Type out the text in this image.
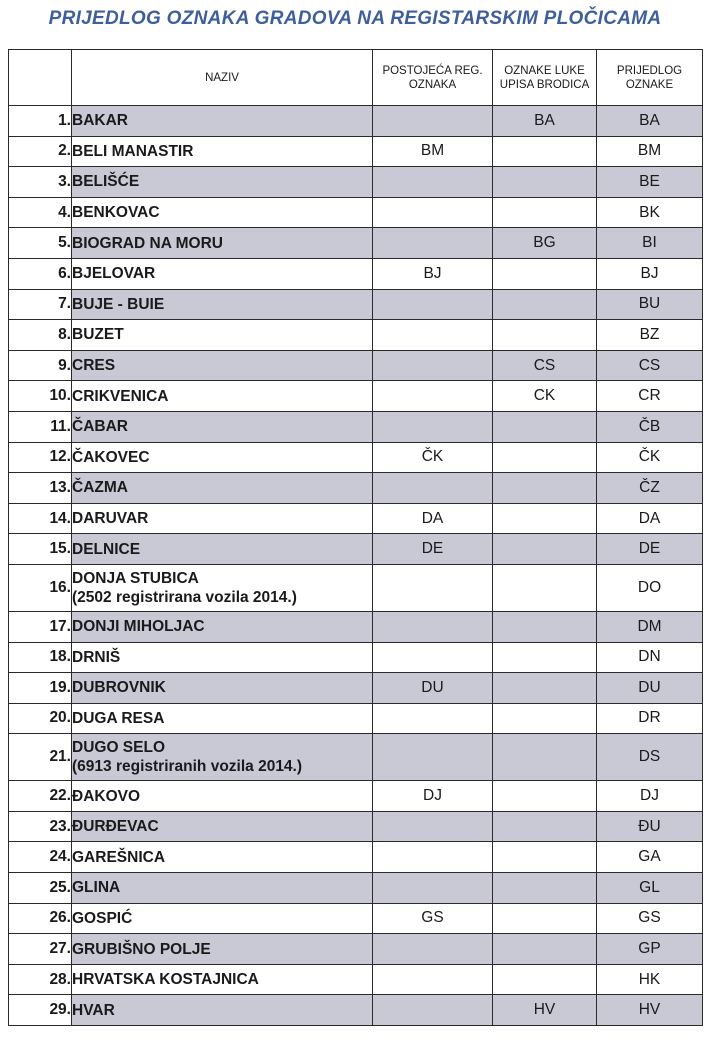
PRIJEDLOG OZNAKA GRADOVA NA REGISTARSKIM PLOČICAMA
	NAZIV	POSTOJEĆA REG. OZNAKA	OZNAKE LUKE UPISA BRODICA	PRIJEDLOG OZNAKE
1.	BAKAR		BA	BA
2.	BELI MANASTIR	BM		BM
3.	BELIŠĆE			BE
4.	BENKOVAC			BK
5.	BIOGRAD NA MORU		BG	BI
6.	BJELOVAR	BJ		BJ
7.	BUJE - BUIE			BU
8.	BUZET			BZ
9.	CRES		CS	CS
10.	CRIKVENICA		CK	CR
11.	ČABAR			ČB
12.	ČAKOVEC	ČK		ČK
13.	ČAZMA			ČZ
14.	DARUVAR	DA		DA
15.	DELNICE	DE		DE
16.	DONJA STUBICA
(2502 registrirana vozila 2014.)			DO
17.	DONJI MIHOLJAC			DM
18.	DRNIŠ			DN
19.	DUBROVNIK	DU		DU
20.	DUGA RESA			DR
21.	DUGO SELO
(6913 registriranih vozila 2014.)			DS
22.	ĐAKOVO	DJ		DJ
23.	ĐURĐEVAC			ĐU
24.	GAREŠNICA			GA
25.	GLINA			GL
26.	GOSPIĆ	GS		GS
27.	GRUBIŠNO POLJE			GP
28.	HRVATSKA KOSTAJNICA			HK
29.	HVAR		HV	HV
